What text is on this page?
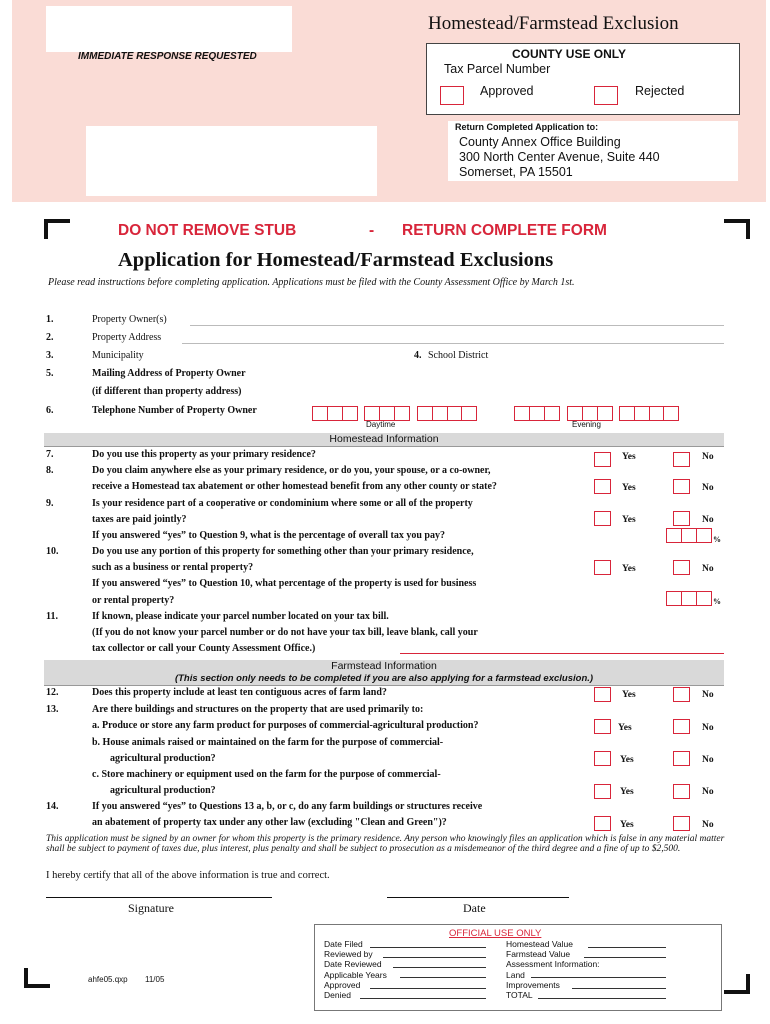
IMMEDIATE RESPONSE REQUESTED
Homestead/Farmstead Exclusion
COUNTY USE ONLY
Tax Parcel Number
Approved	Rejected
Return Completed Application to:
County Annex Office Building
300 North Center Avenue, Suite 440
Somerset, PA 15501
DO NOT REMOVE STUB	- RETURN COMPLETE FORM
Application for Homestead/Farmstead Exclusions
Please read instructions before completing application. Applications must be filed with the County Assessment Office by March 1st.
1.	Property Owner(s)
2.	Property Address
3.	Municipality	4. School District
5.	Mailing Address of Property Owner
(if different than property address)
6.	Telephone Number of Property Owner
Daytime	Evening
Homestead Information
7.	Do you use this property as your primary residence?	Yes	No
8.	Do you claim anywhere else as your primary residence, or do you, your spouse, or a co-owner,
receive a Homestead tax abatement or other homestead benefit from any other county or state?	Yes	No
9.	Is your residence part of a cooperative or condominium where some or all of the property
taxes are paid jointly?	Yes	No
If you answered “yes” to Question 9, what is the percentage of overall tax you pay?	%
10.	Do you use any portion of this property for something other than your primary residence,
such as a business or rental property?	Yes	No
If you answered “yes” to Question 10, what percentage of the property is used for business
or rental property?	%
11.	If known, please indicate your parcel number located on your tax bill.
(If you do not know your parcel number or do not have your tax bill, leave blank, call your
tax collector or call your County Assessment Office.)
Farmstead Information
(This section only needs to be completed if you are also applying for a farmstead exclusion.)
12.	Does this property include at least ten contiguous acres of farm land?	Yes	No
13.	Are there buildings and structures on the property that are used primarily to:
a. Produce or store any farm product for purposes of commercial-agricultural production?	Yes	No
b. House animals raised or maintained on the farm for the purpose of commercial-
agricultural production?	Yes	No
c. Store machinery or equipment used on the farm for the purpose of commercial-
agricultural production?	Yes	No
14.	If you answered “yes” to Questions 13 a, b, or c, do any farm buildings or structures receive
an abatement of property tax under any other law (excluding "Clean and Green")?	Yes	No
This application must be signed by an owner for whom this property is the primary residence. Any person who knowingly files an application which is false in any material matter shall be subject to payment of taxes due, plus interest, plus penalty and shall be subject to prosecution as a misdemeanor of the third degree and a fine of up to $2,500.
I hereby certify that all of the above information is true and correct.
Signature	Date
OFFICIAL USE ONLY
Date Filed
Reviewed by
Date Reviewed
Applicable Years
Approved
Denied
Homestead Value
Farmstead Value
Assessment Information:
Land
Improvements
TOTAL
ahfe05.qxp 11/05
